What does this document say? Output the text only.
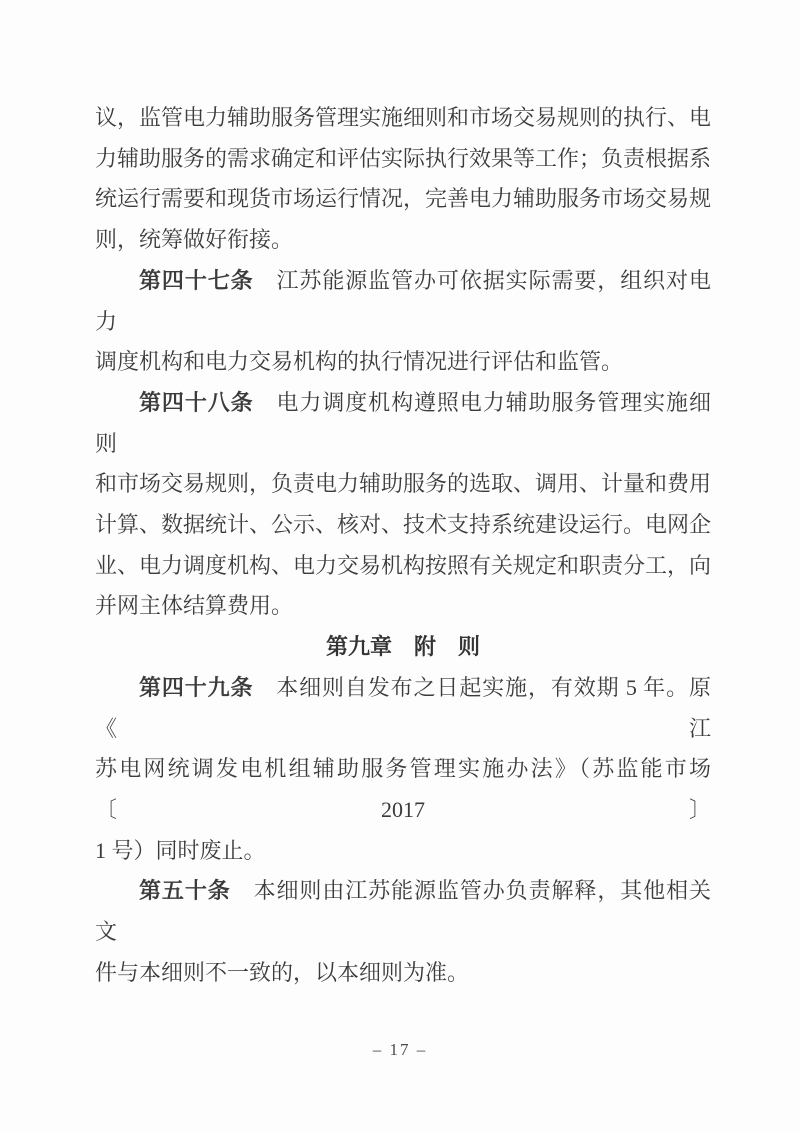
议，监管电力辅助服务管理实施细则和市场交易规则的执行、电
力辅助服务的需求确定和评估实际执行效果等工作；负责根据系
统运行需要和现货市场运行情况，完善电力辅助服务市场交易规
则，统筹做好衔接。
第四十七条　江苏能源监管办可依据实际需要，组织对电力
调度机构和电力交易机构的执行情况进行评估和监管。
第四十八条　电力调度机构遵照电力辅助服务管理实施细则
和市场交易规则，负责电力辅助服务的选取、调用、计量和费用
计算、数据统计、公示、核对、技术支持系统建设运行。电网企
业、电力调度机构、电力交易机构按照有关规定和职责分工，向
并网主体结算费用。
第九章　附　则
第四十九条　本细则自发布之日起实施，有效期 5 年。原《江
苏电网统调发电机组辅助服务管理实施办法》（苏监能市场〔2017〕
1 号）同时废止。
第五十条　本细则由江苏能源监管办负责解释，其他相关文
件与本细则不一致的，以本细则为准。
– 17 –
